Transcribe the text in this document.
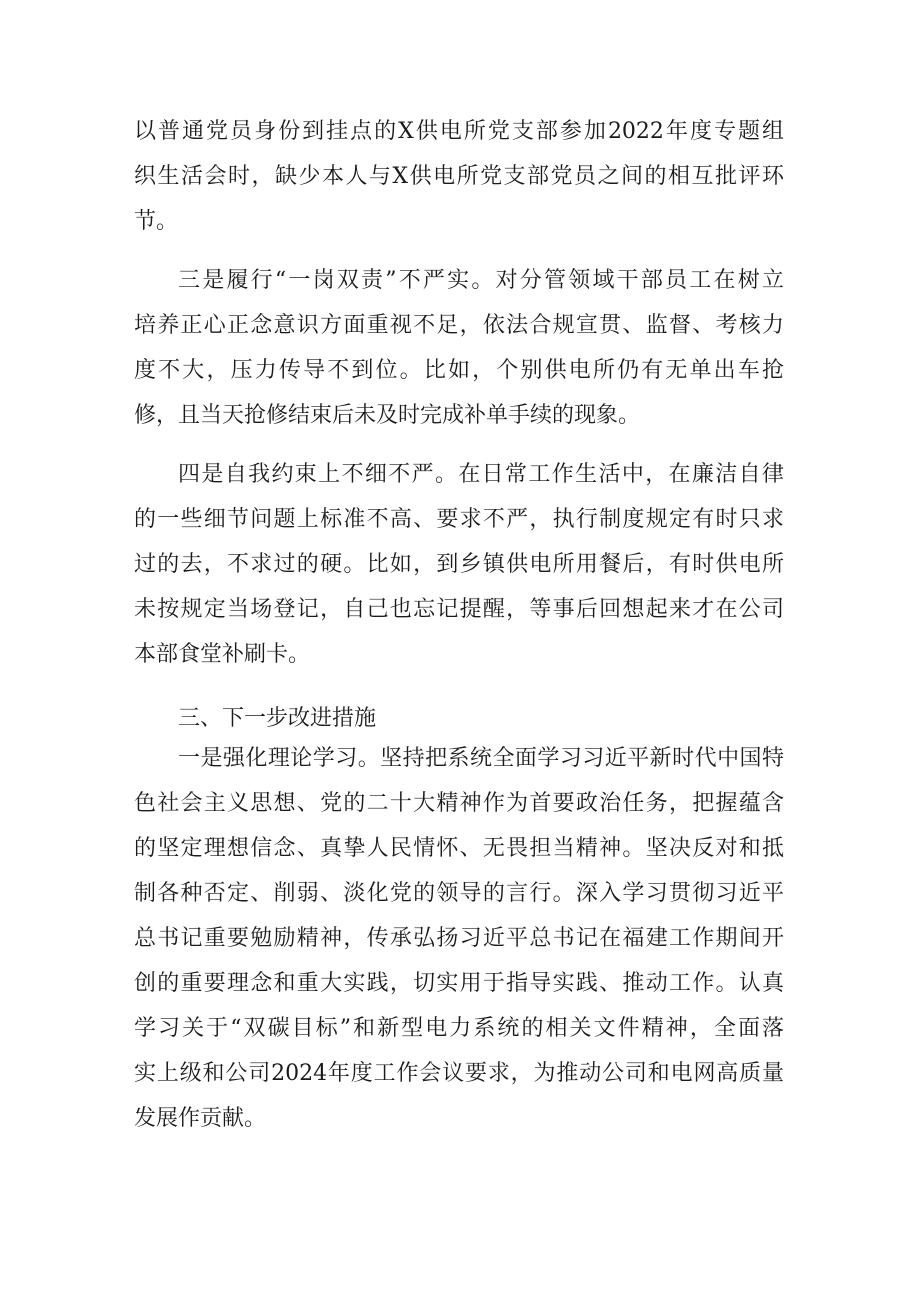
以普通党员身份到挂点的X供电所党支部参加2022年度专题组
织生活会时，缺少本人与X供电所党支部党员之间的相互批评环
节。
三是履行“一岗双责”不严实。对分管领域干部员工在树立
培养正心正念意识方面重视不足，依法合规宣贯、监督、考核力
度不大，压力传导不到位。比如，个别供电所仍有无单出车抢
修，且当天抢修结束后未及时完成补单手续的现象。
四是自我约束上不细不严。在日常工作生活中，在廉洁自律
的一些细节问题上标准不高、要求不严，执行制度规定有时只求
过的去，不求过的硬。比如，到乡镇供电所用餐后，有时供电所
未按规定当场登记，自己也忘记提醒，等事后回想起来才在公司
本部食堂补刷卡。
三、下一步改进措施
一是强化理论学习。坚持把系统全面学习习近平新时代中国特
色社会主义思想、党的二十大精神作为首要政治任务，把握蕴含
的坚定理想信念、真挚人民情怀、无畏担当精神。坚决反对和抵
制各种否定、削弱、淡化党的领导的言行。深入学习贯彻习近平
总书记重要勉励精神，传承弘扬习近平总书记在福建工作期间开
创的重要理念和重大实践，切实用于指导实践、推动工作。认真
学习关于“双碳目标”和新型电力系统的相关文件精神，全面落
实上级和公司2024年度工作会议要求，为推动公司和电网高质量
发展作贡献。
